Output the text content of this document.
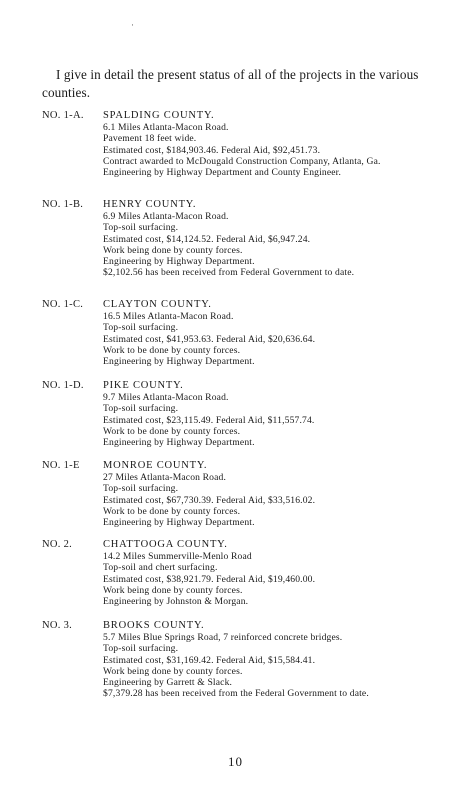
·
I give in detail the present status of all of the projects in the various counties.
NO. 1-A.	SPALDING COUNTY.
6.1 Miles Atlanta-Macon Road.
Pavement 18 feet wide.
Estimated cost, $184,903.46. Federal Aid, $92,451.73.
Contract awarded to McDougald Construction Company, Atlanta, Ga.
Engineering by Highway Department and County Engineer.
NO. 1-B.	HENRY COUNTY.
6.9 Miles Atlanta-Macon Road.
Top-soil surfacing.
Estimated cost, $14,124.52. Federal Aid, $6,947.24.
Work being done by county forces.
Engineering by Highway Department.
$2,102.56 has been received from Federal Government to date.
NO. 1-C.	CLAYTON COUNTY.
16.5 Miles Atlanta-Macon Road.
Top-soil surfacing.
Estimated cost, $41,953.63. Federal Aid, $20,636.64.
Work to be done by county forces.
Engineering by Highway Department.
NO. 1-D.	PIKE COUNTY.
9.7 Miles Atlanta-Macon Road.
Top-soil surfacing.
Estimated cost, $23,115.49. Federal Aid, $11,557.74.
Work to be done by county forces.
Engineering by Highway Department.
NO. 1-E	MONROE COUNTY.
27 Miles Atlanta-Macon Road.
Top-soil surfacing.
Estimated cost, $67,730.39. Federal Aid, $33,516.02.
Work to be done by county forces.
Engineering by Highway Department.
NO. 2.	CHATTOOGA COUNTY.
14.2 Miles Summerville-Menlo Road
Top-soil and chert surfacing.
Estimated cost, $38,921.79. Federal Aid, $19,460.00.
Work being done by county forces.
Engineering by Johnston & Morgan.
NO. 3.	BROOKS COUNTY.
5.7 Miles Blue Springs Road, 7 reinforced concrete bridges.
Top-soil surfacing.
Estimated cost, $31,169.42. Federal Aid, $15,584.41.
Work being done by county forces.
Engineering by Garrett & Slack.
$7,379.28 has been received from the Federal Government to date.
10
